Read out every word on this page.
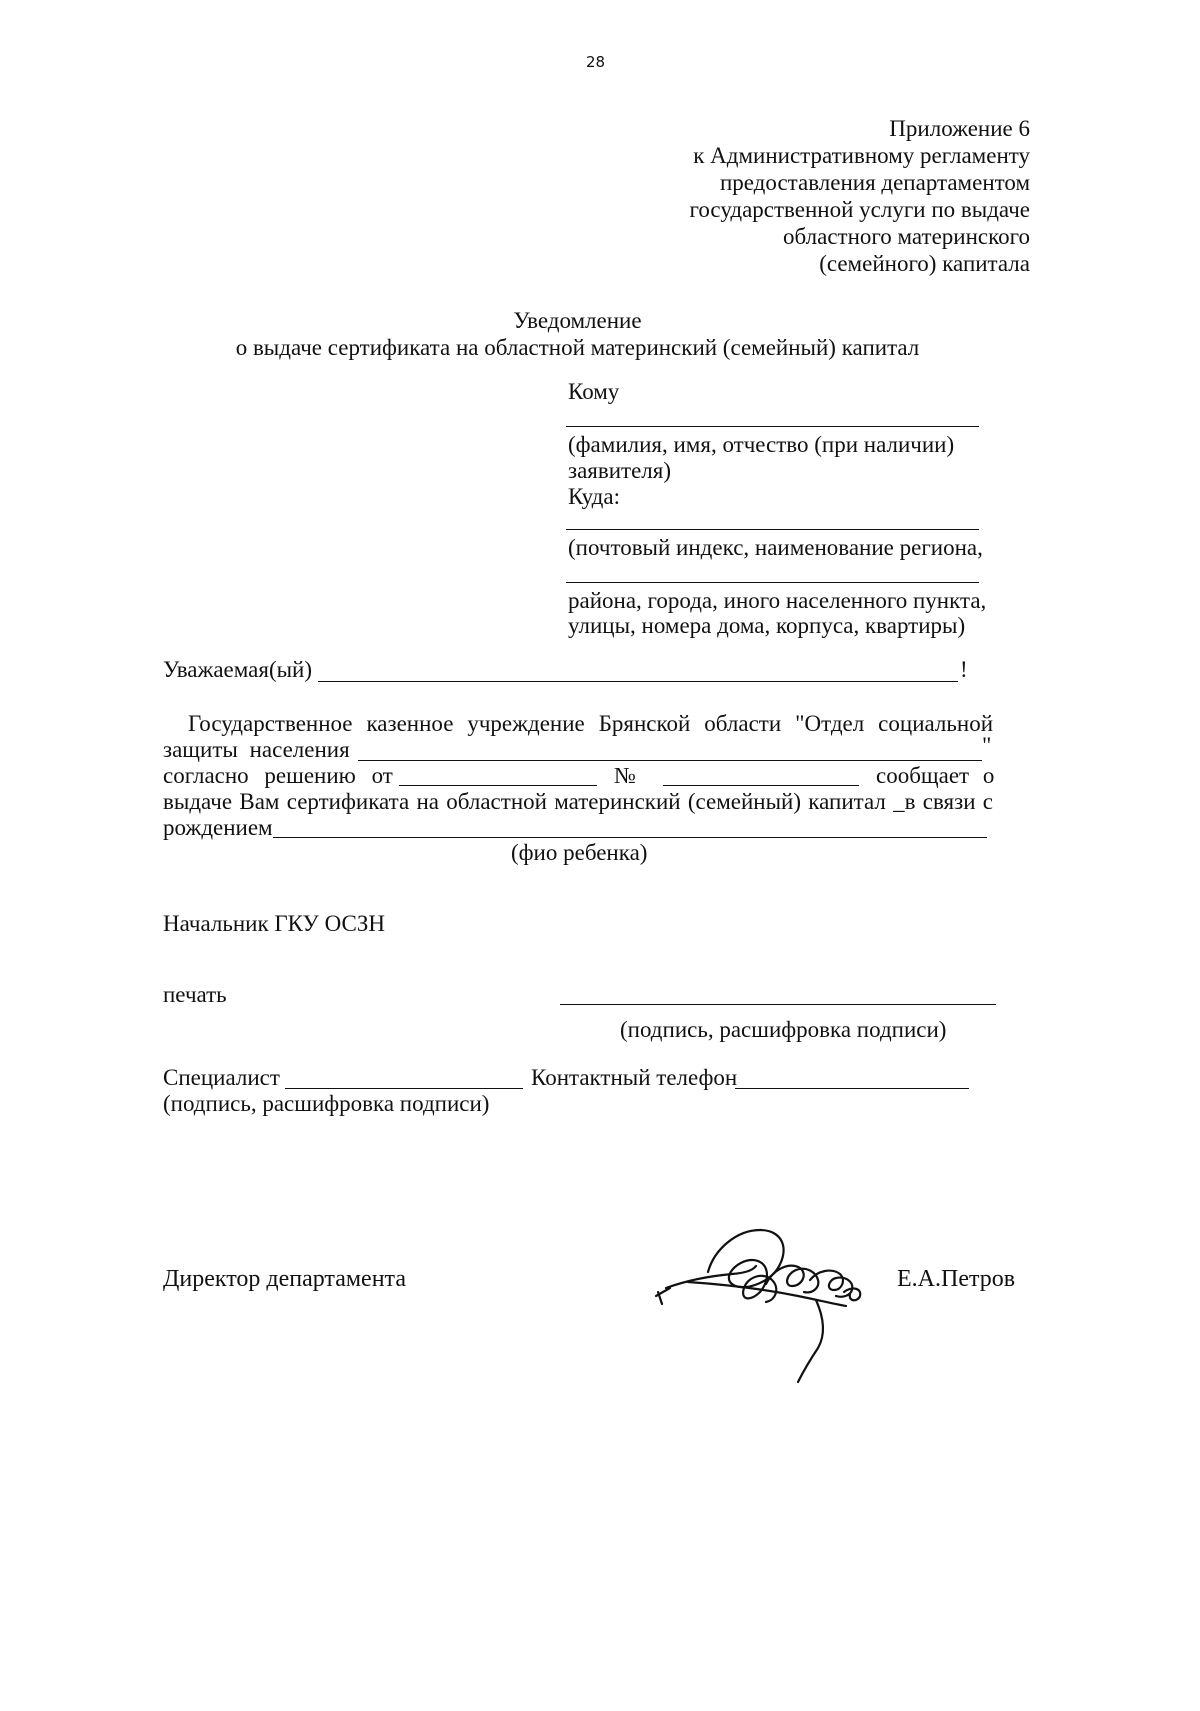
28
Приложение 6
к Административному регламенту
предоставления департаментом
государственной услуги по выдаче
областного материнского
(семейного) капитала
Уведомление
о выдаче сертификата на областной материнский (семейный) капитал
Кому
(фамилия, имя, отчество (при наличии)
заявителя)
Куда:
(почтовый индекс, наименование региона,
района, города, иного населенного пункта,
улицы, номера дома, корпуса, квартиры)
Уважаемая(ый)	!
Государственное казенное учреждение Брянской области "Отдел социальной
защиты населения	"
согласно решению от	№	сообщает о
выдаче Вам сертификата на областной материнский (семейный) капитал _в связи с
рождением
(фио ребенка)
Начальник ГКУ ОСЗН
печать
(подпись, расшифровка подписи)
Специалист	Контактный телефон
(подпись, расшифровка подписи)
Директор департамента	Е.А.Петров
